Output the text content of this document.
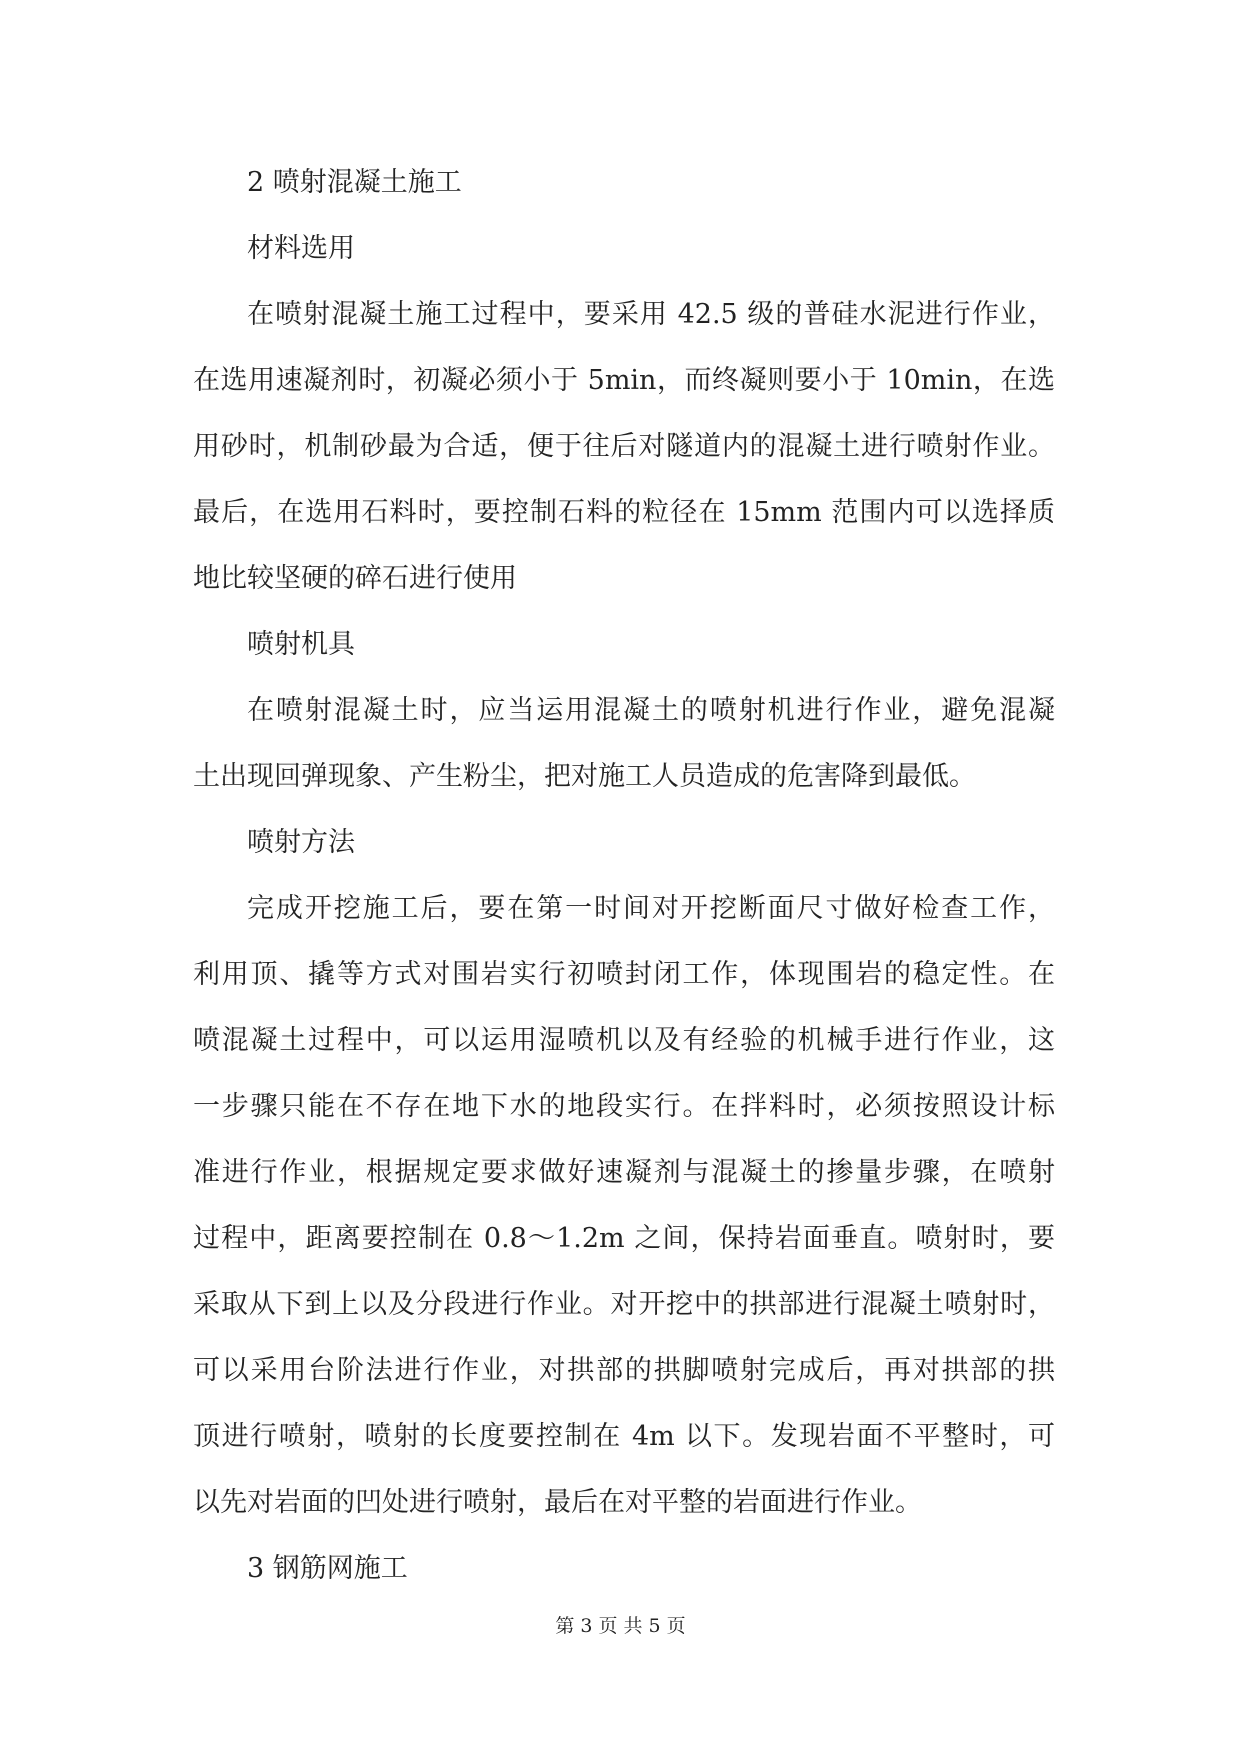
2 喷射混凝土施工
材料选用
在喷射混凝土施工过程中，要采用 42.5 级的普硅水泥进行作业，
在选用速凝剂时，初凝必须小于 5min，而终凝则要小于 10min，在选
用砂时，机制砂最为合适，便于往后对隧道内的混凝土进行喷射作业。
最后，在选用石料时，要控制石料的粒径在 15mm 范围内可以选择质
地比较坚硬的碎石进行使用
喷射机具
在喷射混凝土时，应当运用混凝土的喷射机进行作业，避免混凝
土出现回弹现象、产生粉尘，把对施工人员造成的危害降到最低。
喷射方法
完成开挖施工后，要在第一时间对开挖断面尺寸做好检查工作，
利用顶、撬等方式对围岩实行初喷封闭工作，体现围岩的稳定性。在
喷混凝土过程中，可以运用湿喷机以及有经验的机械手进行作业，这
一步骤只能在不存在地下水的地段实行。在拌料时，必须按照设计标
准进行作业，根据规定要求做好速凝剂与混凝土的掺量步骤，在喷射
过程中，距离要控制在 0.8～1.2m 之间，保持岩面垂直。喷射时，要
采取从下到上以及分段进行作业。对开挖中的拱部进行混凝土喷射时，
可以采用台阶法进行作业，对拱部的拱脚喷射完成后，再对拱部的拱
顶进行喷射，喷射的长度要控制在 4m 以下。发现岩面不平整时，可
以先对岩面的凹处进行喷射，最后在对平整的岩面进行作业。
3 钢筋网施工
第 3 页 共 5 页
